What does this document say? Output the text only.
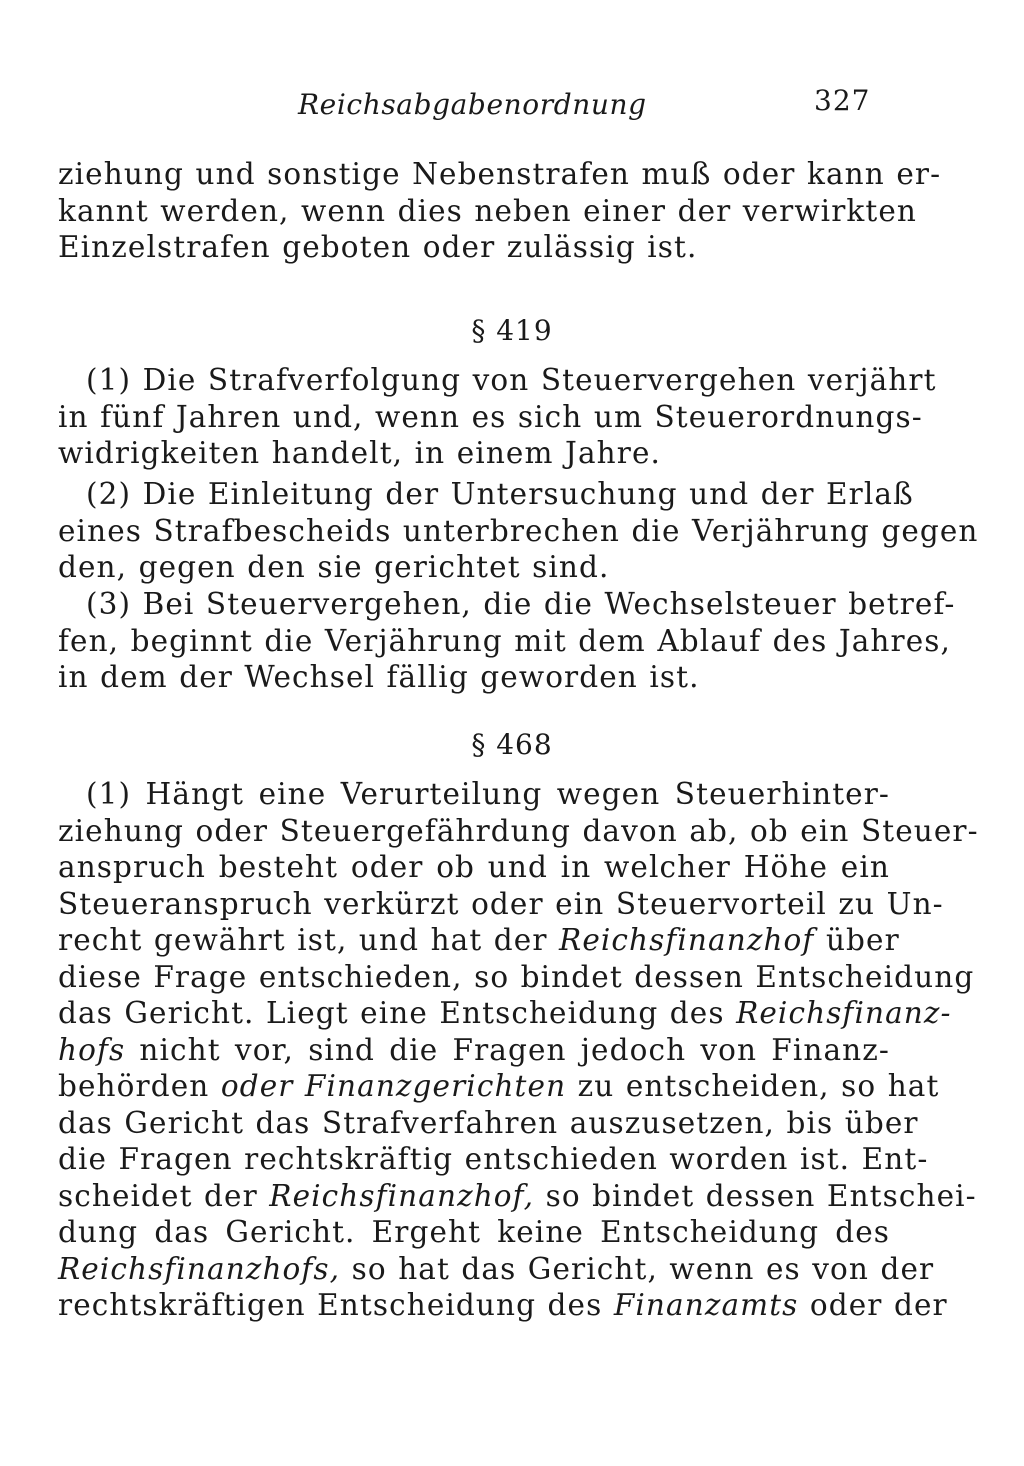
Reichsabgabenordnung	327
ziehung und sonstige Nebenstrafen muß oder kann er-
kannt werden, wenn dies neben einer der verwirkten
Einzelstrafen geboten oder zulässig ist.
§ 419
(1) Die Strafverfolgung von Steuervergehen verjährt
in fünf Jahren und, wenn es sich um Steuerordnungs-
widrigkeiten handelt, in einem Jahre.
(2) Die Einleitung der Untersuchung und der Erlaß
eines Strafbescheids unterbrechen die Verjährung gegen
den, gegen den sie gerichtet sind.
(3) Bei Steuervergehen, die die Wechselsteuer betref-
fen, beginnt die Verjährung mit dem Ablauf des Jahres,
in dem der Wechsel fällig geworden ist.
§ 468
(1) Hängt eine Verurteilung wegen Steuerhinter-
ziehung oder Steuergefährdung davon ab, ob ein Steuer-
anspruch besteht oder ob und in welcher Höhe ein
Steueranspruch verkürzt oder ein Steuervorteil zu Un-
recht gewährt ist, und hat der Reichsfinanzhof über
diese Frage entschieden, so bindet dessen Entscheidung
das Gericht. Liegt eine Entscheidung des Reichsfinanz-
hofs nicht vor, sind die Fragen jedoch von Finanz-
behörden oder Finanzgerichten zu entscheiden, so hat
das Gericht das Strafverfahren auszusetzen, bis über
die Fragen rechtskräftig entschieden worden ist. Ent-
scheidet der Reichsfinanzhof, so bindet dessen Entschei-
dung das Gericht. Ergeht keine Entscheidung des
Reichsfinanzhofs, so hat das Gericht, wenn es von der
rechtskräftigen Entscheidung des Finanzamts oder der
